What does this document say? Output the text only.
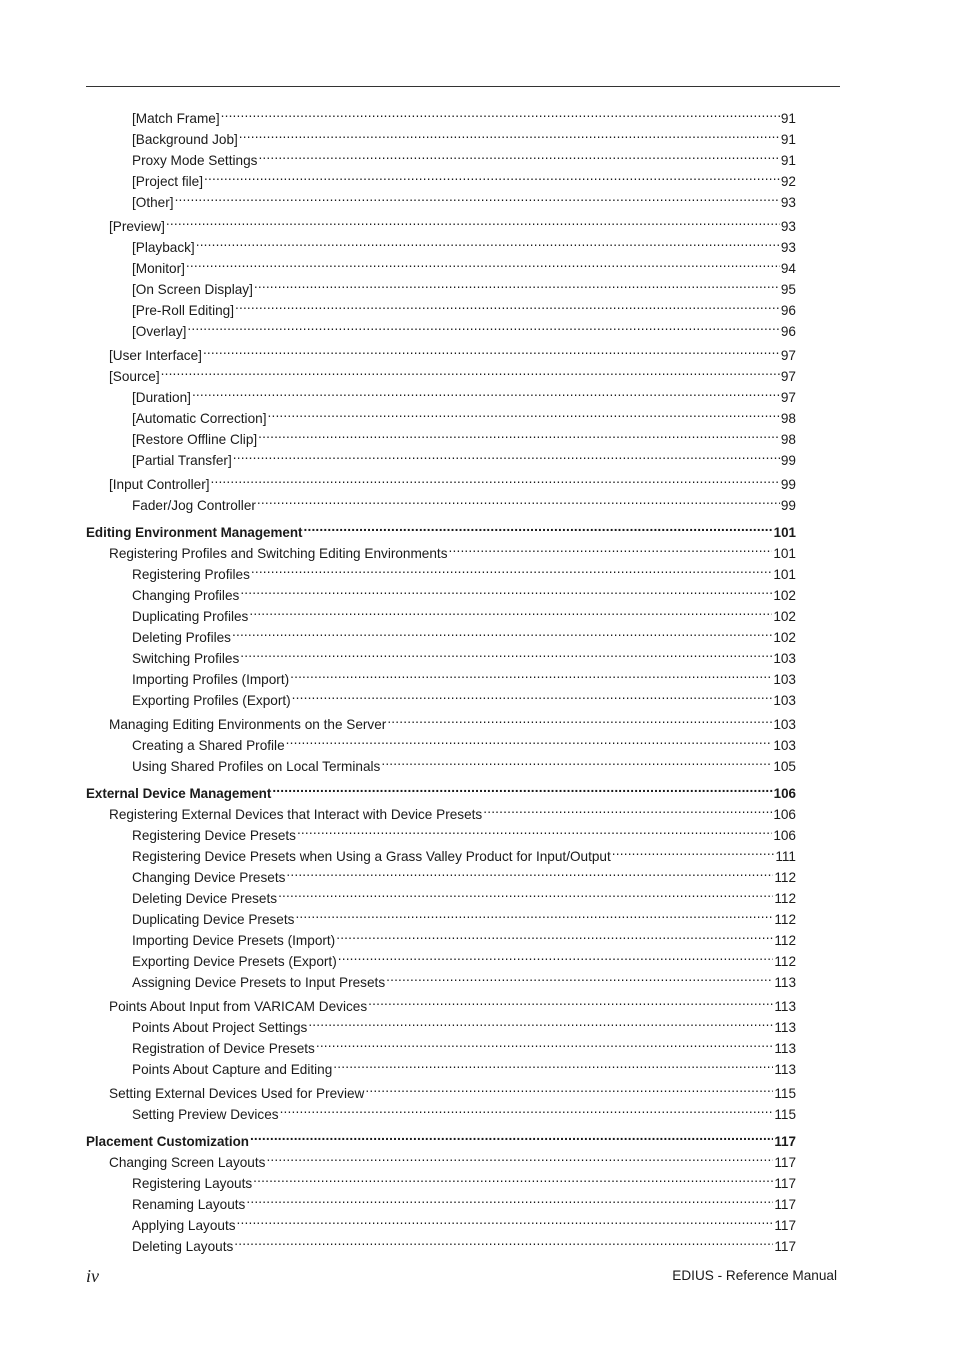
[Match Frame] .....	91
[Background Job] .....	91
Proxy Mode Settings .....	91
[Project file] .....	92
[Other] .....	93
[Preview] .....	93
[Playback] .....	93
[Monitor] .....	94
[On Screen Display] .....	95
[Pre-Roll Editing] .....	96
[Overlay] .....	96
[User Interface] .....	97
[Source] .....	97
[Duration] .....	97
[Automatic Correction] .....	98
[Restore Offline Clip] .....	98
[Partial Transfer] .....	99
[Input Controller] .....	99
Fader/Jog Controller .....	99
Editing Environment Management .....	101
Registering Profiles and Switching Editing Environments .....	101
Registering Profiles .....	101
Changing Profiles .....	102
Duplicating Profiles .....	102
Deleting Profiles .....	102
Switching Profiles .....	103
Importing Profiles (Import) .....	103
Exporting Profiles (Export) .....	103
Managing Editing Environments on the Server .....	103
Creating a Shared Profile .....	103
Using Shared Profiles on Local Terminals .....	105
External Device Management .....	106
Registering External Devices that Interact with Device Presets .....	106
Registering Device Presets .....	106
Registering Device Presets when Using a Grass Valley Product for Input/Output .....	111
Changing Device Presets .....	112
Deleting Device Presets .....	112
Duplicating Device Presets .....	112
Importing Device Presets (Import) .....	112
Exporting Device Presets (Export) .....	112
Assigning Device Presets to Input Presets .....	113
Points About Input from VARICAM Devices .....	113
Points About Project Settings .....	113
Registration of Device Presets .....	113
Points About Capture and Editing .....	113
Setting External Devices Used for Preview .....	115
Setting Preview Devices .....	115
Placement Customization .....	117
Changing Screen Layouts .....	117
Registering Layouts .....	117
Renaming Layouts .....	117
Applying Layouts .....	117
Deleting Layouts .....	117
iv	EDIUS - Reference Manual
